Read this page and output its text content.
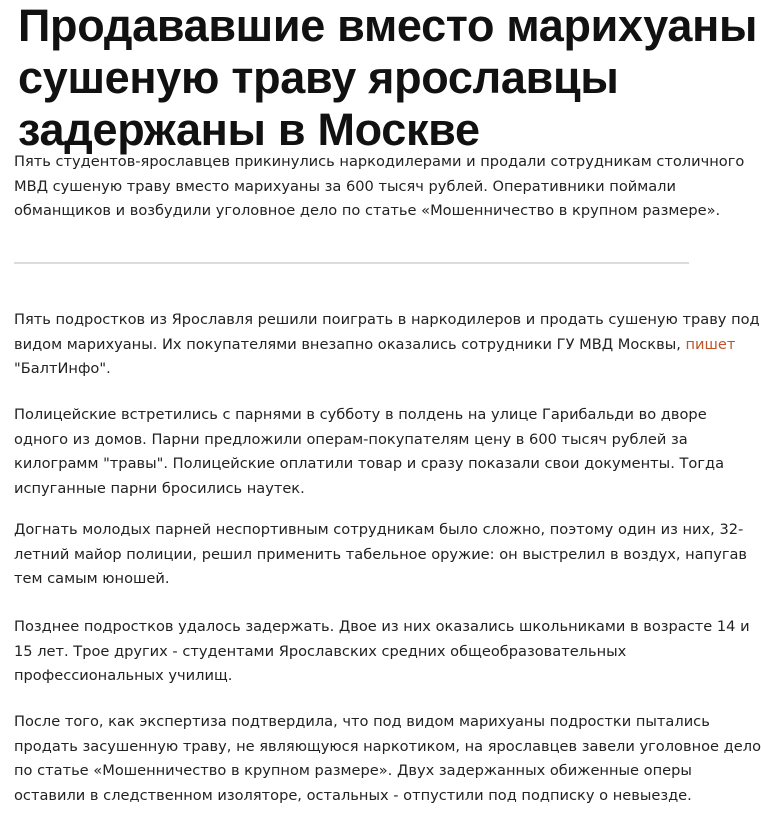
Продававшие вместо марихуаны
сушеную траву ярославцы
задержаны в Москве
Пять студентов-ярославцев прикинулись наркодилерами и продали сотрудникам столичного
МВД сушеную траву вместо марихуаны за 600 тысяч рублей. Оперативники поймали
обманщиков и возбудили уголовное дело по статье «Мошенничество в крупном размере».
Пять подростков из Ярославля решили поиграть в наркодилеров и продать сушеную траву под
видом марихуаны. Их покупателями внезапно оказались сотрудники ГУ МВД Москвы, пишет
"БалтИнфо".
Полицейские встретились с парнями в субботу в полдень на улице Гарибальди во дворе
одного из домов. Парни предложили операм-покупателям цену в 600 тысяч рублей за
килограмм "травы". Полицейские оплатили товар и сразу показали свои документы. Тогда
испуганные парни бросились наутек.
Догнать молодых парней неспортивным сотрудникам было сложно, поэтому один из них, 32-
летний майор полиции, решил применить табельное оружие: он выстрелил в воздух, напугав
тем самым юношей.
Позднее подростков удалось задержать. Двое из них оказались школьниками в возрасте 14 и
15 лет. Трое других - студентами Ярославских средних общеобразовательных
профессиональных училищ.
После того, как экспертиза подтвердила, что под видом марихуаны подростки пытались
продать засушенную траву, не являющуюся наркотиком, на ярославцев завели уголовное дело
по статье «Мошенничество в крупном размере». Двух задержанных обиженные оперы
оставили в следственном изоляторе, остальных - отпустили под подписку о невыезде.
